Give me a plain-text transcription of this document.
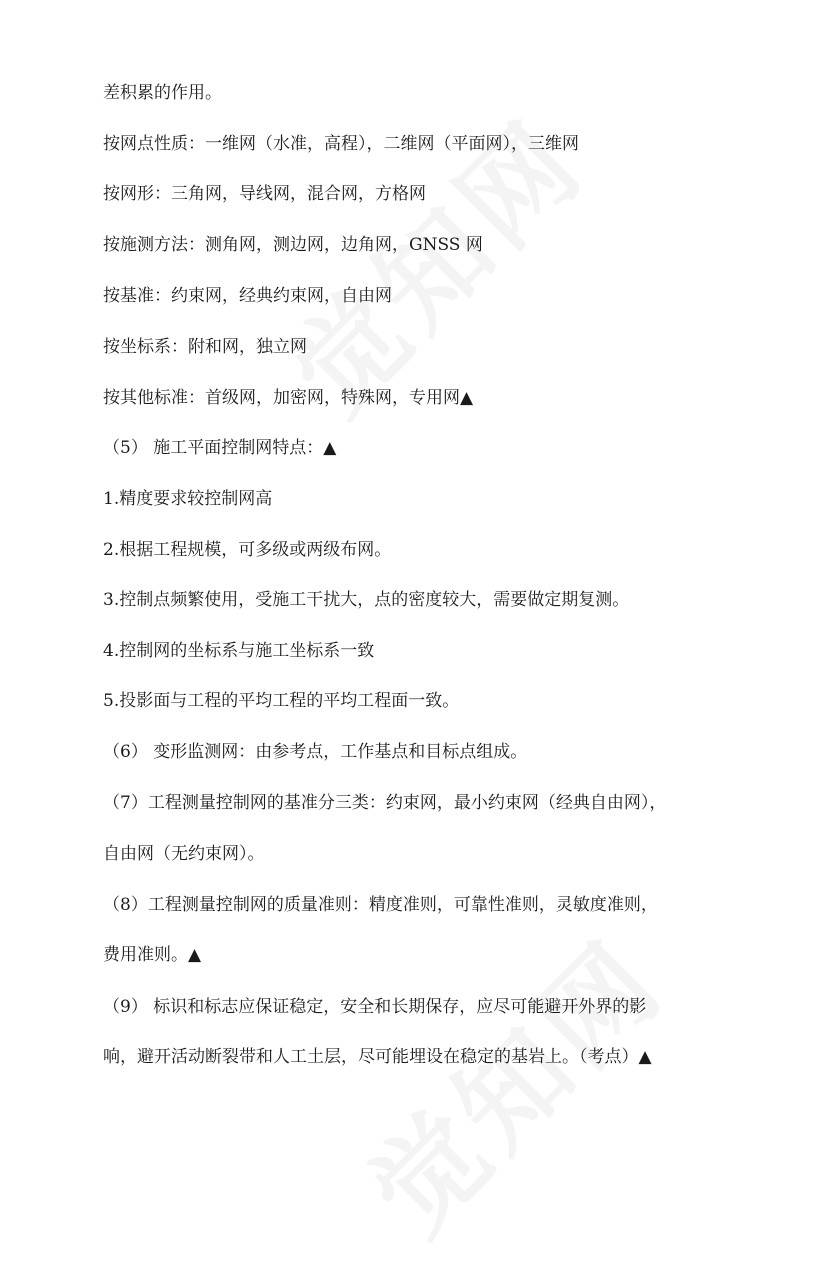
差积累的作用。
按网点性质：一维网（水准，高程），二维网（平面网），三维网
按网形：三角网，导线网，混合网，方格网
按施测方法：测角网，测边网，边角网，GNSS 网
按基准：约束网，经典约束网，自由网
按坐标系：附和网，独立网
按其他标准：首级网，加密网，特殊网，专用网▲
（5） 施工平面控制网特点：▲
1.精度要求较控制网高
2.根据工程规模，可多级或两级布网。
3.控制点频繁使用，受施工干扰大，点的密度较大，需要做定期复测。
4.控制网的坐标系与施工坐标系一致
5.投影面与工程的平均工程的平均工程面一致。
（6） 变形监测网：由参考点，工作基点和目标点组成。
（7）工程测量控制网的基准分三类：约束网，最小约束网（经典自由网），
自由网（无约束网）。
（8）工程测量控制网的质量准则：精度准则，可靠性准则，灵敏度准则，
费用准则。▲
（9） 标识和标志应保证稳定，安全和长期保存，应尽可能避开外界的影
响，避开活动断裂带和人工土层，尽可能埋设在稳定的基岩上。（考点）▲
